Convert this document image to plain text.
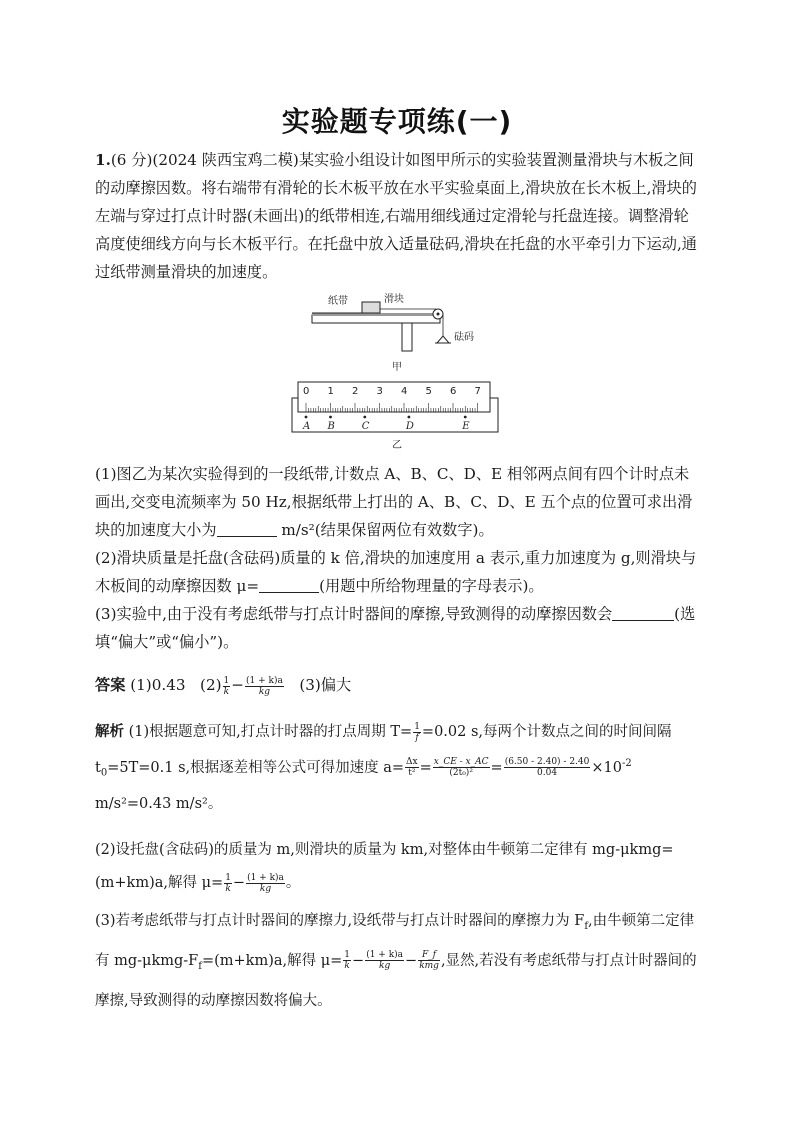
实验题专项练(一)
1.(6 分)(2024 陕西宝鸡二模)某实验小组设计如图甲所示的实验装置测量滑块与木板之间的动摩擦因数。将右端带有滑轮的长木板平放在水平实验桌面上,滑块放在长木板上,滑块的左端与穿过打点计时器(未画出)的纸带相连,右端用细线通过定滑轮与托盘连接。调整滑轮高度使细线方向与长木板平行。在托盘中放入适量砝码,滑块在托盘的水平牵引力下运动,通过纸带测量滑块的加速度。
纸带	滑块
砝码
甲
0 1 2 3 4 5 6 7
A B	C	D	E
乙
(1)图乙为某次实验得到的一段纸带,计数点 A、B、C、D、E 相邻两点间有四个计时点未画出,交变电流频率为 50 Hz,根据纸带上打出的 A、B、C、D、E 五个点的位置可求出滑块的加速度大小为	m/s²(结果保留两位有效数字)。
(2)滑块质量是托盘(含砝码)质量的 k 倍,滑块的加速度用 a 表示,重力加速度为 g,则滑块与木板间的动摩擦因数 μ=	(用题中所给物理量的字母表示)。
(3)实验中,由于没有考虑纸带与打点计时器间的摩擦,导致测得的动摩擦因数会	(选填“偏大”或“偏小”)。
答案 (1)0.43 $(2) \frac{1}{k} - \frac{(1 + k)a}{kg} (3)$偏大
解析 (1)根据题意可知,打点计时器的打点周期 $T= \frac{1}{f} =0.02$ s,每两个计数点之间的时间间隔 $t_0=5T=0.1$ s,根据逐差相等公式可得加速度 $a= \frac{\Delta x}{\text{t²}} = \frac{x\_CE - x\_AC}{\text{(2t₀)²}} = \frac{(6.50 - 2.40) - 2.40}{0.04} \times 10^{-2}$
m/s²=0.43 m/s²。
(2)设托盘(含砝码)的质量为 m,则滑块的质量为 km,对整体由牛顿第二定律有 mg-μkmg=(m+km)a,解得 $\mu= \frac{1}{k} - \frac{(1 + k)a}{kg}$ 。
(3)若考虑纸带与打点计时器间的摩擦力,设纸带与打点计时器间的摩擦力为 $F_f$,由牛顿第二定律有 $mg-\mu kmg-F_f=(m+km)a$,解得 $\mu= \frac{1}{k} - \frac{(1 + k)a}{kg} - \frac{F\_f}{\text{kmg}}$ ,显然,若没有考虑纸带与打点计时器间的摩擦,导致测得的动摩擦因数将偏大。
